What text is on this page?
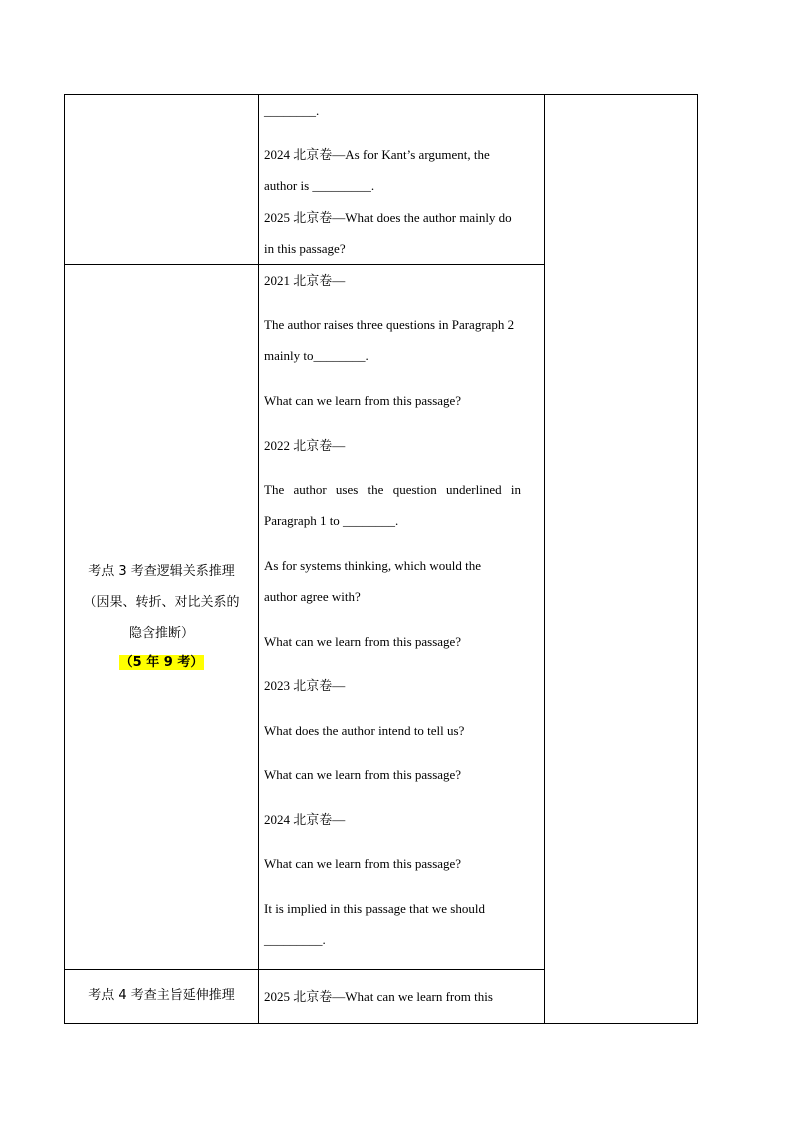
________.
2024 北京卷—As for Kant’s argument, the
author is _________.
2025 北京卷—What does the author mainly do
in this passage?
考点 3 考查逻辑关系推理
（因果、转折、对比关系的
隐含推断）
（5 年 9 考）
2021 北京卷—
The author raises three questions in Paragraph 2
mainly to________.
What can we learn from this passage?
2022 北京卷—
The author uses the question underlined in
Paragraph 1 to ________.
As for systems thinking, which would the
author agree with?
What can we learn from this passage?
2023 北京卷—
What does the author intend to tell us?
What can we learn from this passage?
2024 北京卷—
What can we learn from this passage?
It is implied in this passage that we should
_________.
考点 4 考查主旨延伸推理	2025 北京卷—What can we learn from this
